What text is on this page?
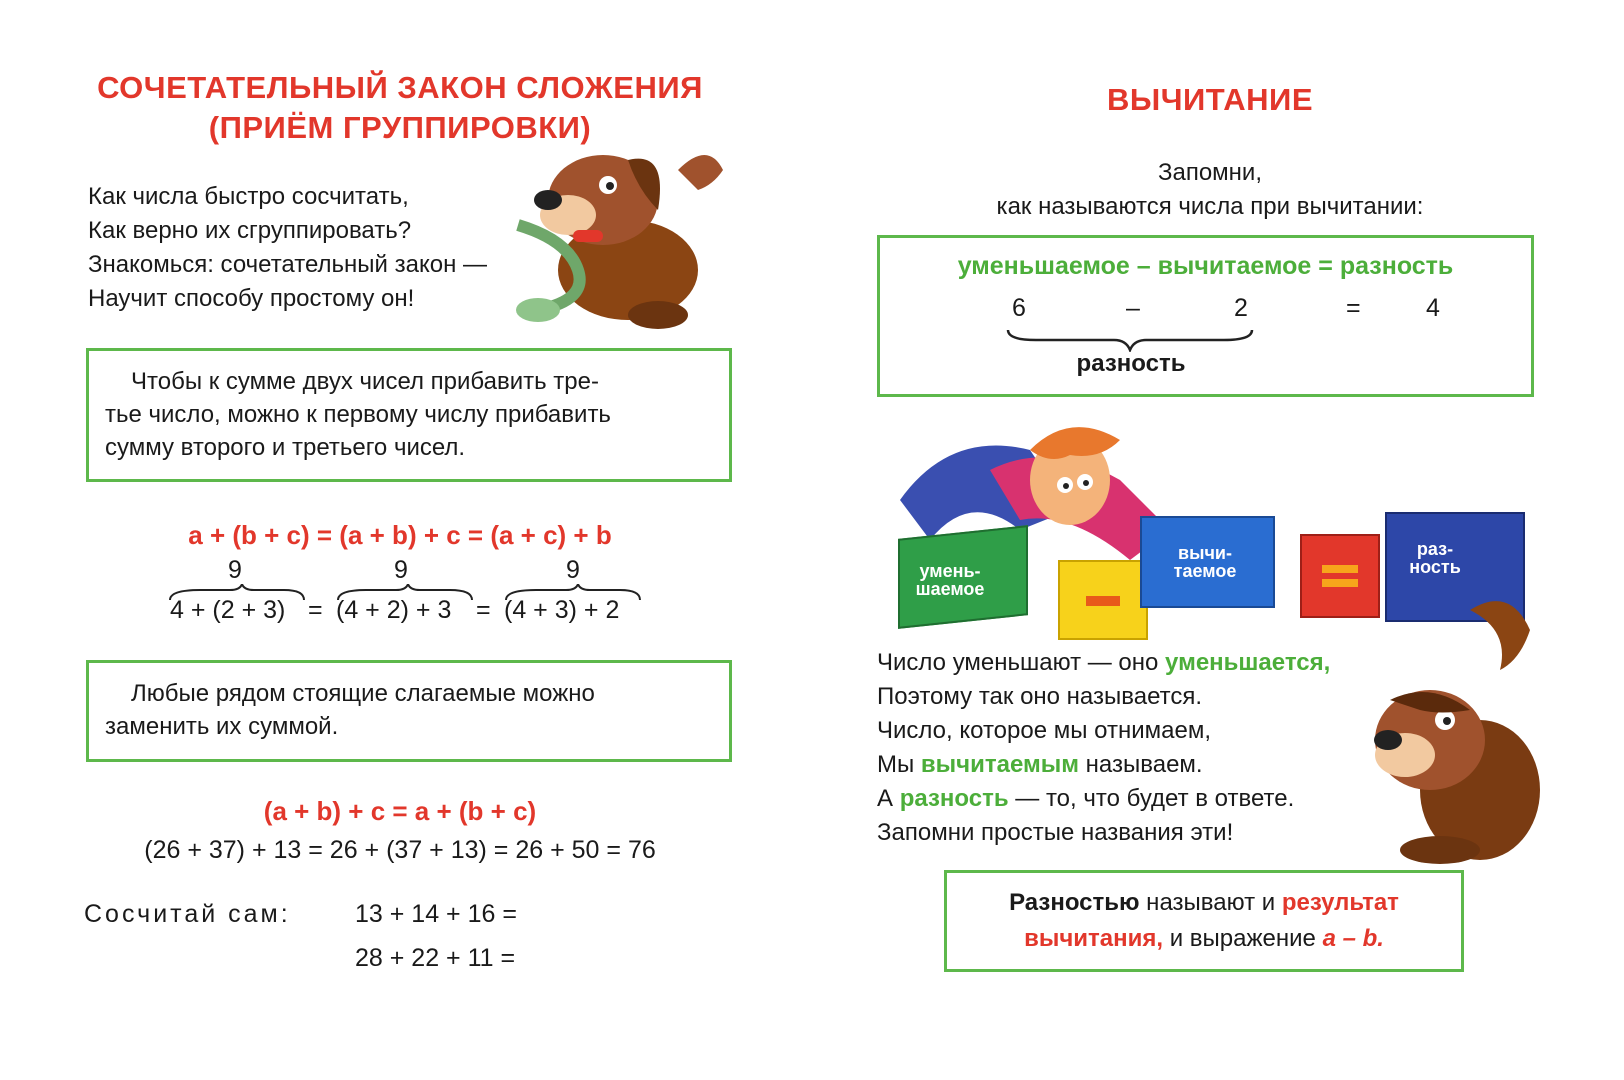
СОЧЕТАТЕЛЬНЫЙ ЗАКОН СЛОЖЕНИЯ
(ПРИЁМ ГРУППИРОВКИ)
Как числа быстро сосчитать,
Как верно их сгруппировать?
Знакомься: сочетательный закон —
Научит способу простому он!
Чтобы к сумме двух чисел прибавить тре-
тье число, можно к первому числу прибавить
сумму второго и третьего чисел.
a + (b + c) = (a + b) + c = (a + c) + b
9	9	9
4 + (2 + 3) = (4 + 2) + 3 = (4 + 3) + 2
Любые рядом стоящие слагаемые можно
заменить их суммой.
(a + b) + c = a + (b + c)
(26 + 37) + 13 = 26 + (37 + 13) = 26 + 50 = 76
Сосчитай сам:	13 + 14 + 16 =
28 + 22 + 11 =
ВЫЧИТАНИЕ
Запомни,
как называются числа при вычитании:
уменьшаемое – вычитаемое = разность
6	–	2	=	4
разность
умень-
шаемое
вычи-
таемое
раз-
ность
Число уменьшают — оно уменьшается,
Поэтому так оно называется.
Число, которое мы отнимаем,
Мы вычитаемым называем.
А разность — то, что будет в ответе.
Запомни простые названия эти!
Разностью называют и результат
вычитания, и выражение a – b.
